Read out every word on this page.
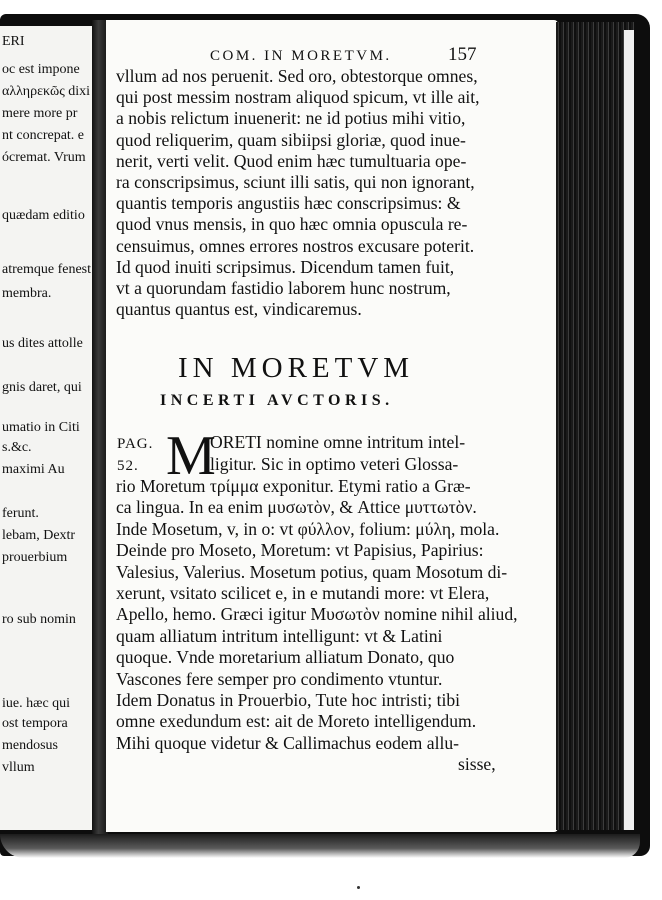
ERI
oc est impone
αλληρεκῶς dixi
mere more pr
nt concrepat. e
ócremat. Vrum
quædam editio
atremque fenest
membra.
us dites attolle
gnis daret, qui
umatio in Citi
s.&c.
maximi Au
ferunt.
lebam, Dextr
prouerbium
ro sub nomin
iue. hæc qui
ost tempora
mendosus
vllum
COM. IN MORETVM.	157
vllum ad nos peruenit. Sed oro, obtestorque omnes,
qui post messim nostram aliquod spicum, vt ille ait,
a nobis relictum inuenerit: ne id potius mihi vitio,
quod reliquerim, quam sibiipsi gloriæ, quod inue-
nerit, verti velit. Quod enim hæc tumultuaria ope-
ra conscripsimus, sciunt illi satis, qui non ignorant,
quantis temporis angustiis hæc conscripsimus: &
quod vnus mensis, in quo hæc omnia opuscula re-
censuimus, omnes errores nostros excusare poterit.
Id quod inuiti scripsimus. Dicendum tamen fuit,
vt a quorundam fastidio laborem hunc nostrum,
quantus quantus est, vindicaremus.
IN MORETVM
INCERTI AVCTORIS.
PAG.
52. M
ORETI nomine omne intritum intel-
ligitur. Sic in optimo veteri Glossa-
rio Moretum τρίμμα exponitur. Etymi ratio a Græ-
ca lingua. In ea enim μυσωτὸν, & Attice μυττωτὸν.
Inde Mosetum, v, in o: vt φύλλον, folium: μύλη, mola.
Deinde pro Moseto, Moretum: vt Papisius, Papirius:
Valesius, Valerius. Mosetum potius, quam Mosotum di-
xerunt, vsitato scilicet e, in e mutandi more: vt Elera,
Apello, hemo. Græci igitur Μυσωτὸν nomine nihil aliud,
quam alliatum intritum intelligunt: vt & Latini
quoque. Vnde moretarium alliatum Donato, quo
Vascones fere semper pro condimento vtuntur.
Idem Donatus in Prouerbio, Tute hoc intristi; tibi
omne exedundum est: ait de Moreto intelligendum.
Mihi quoque videtur & Callimachus eodem allu-
sisse,
